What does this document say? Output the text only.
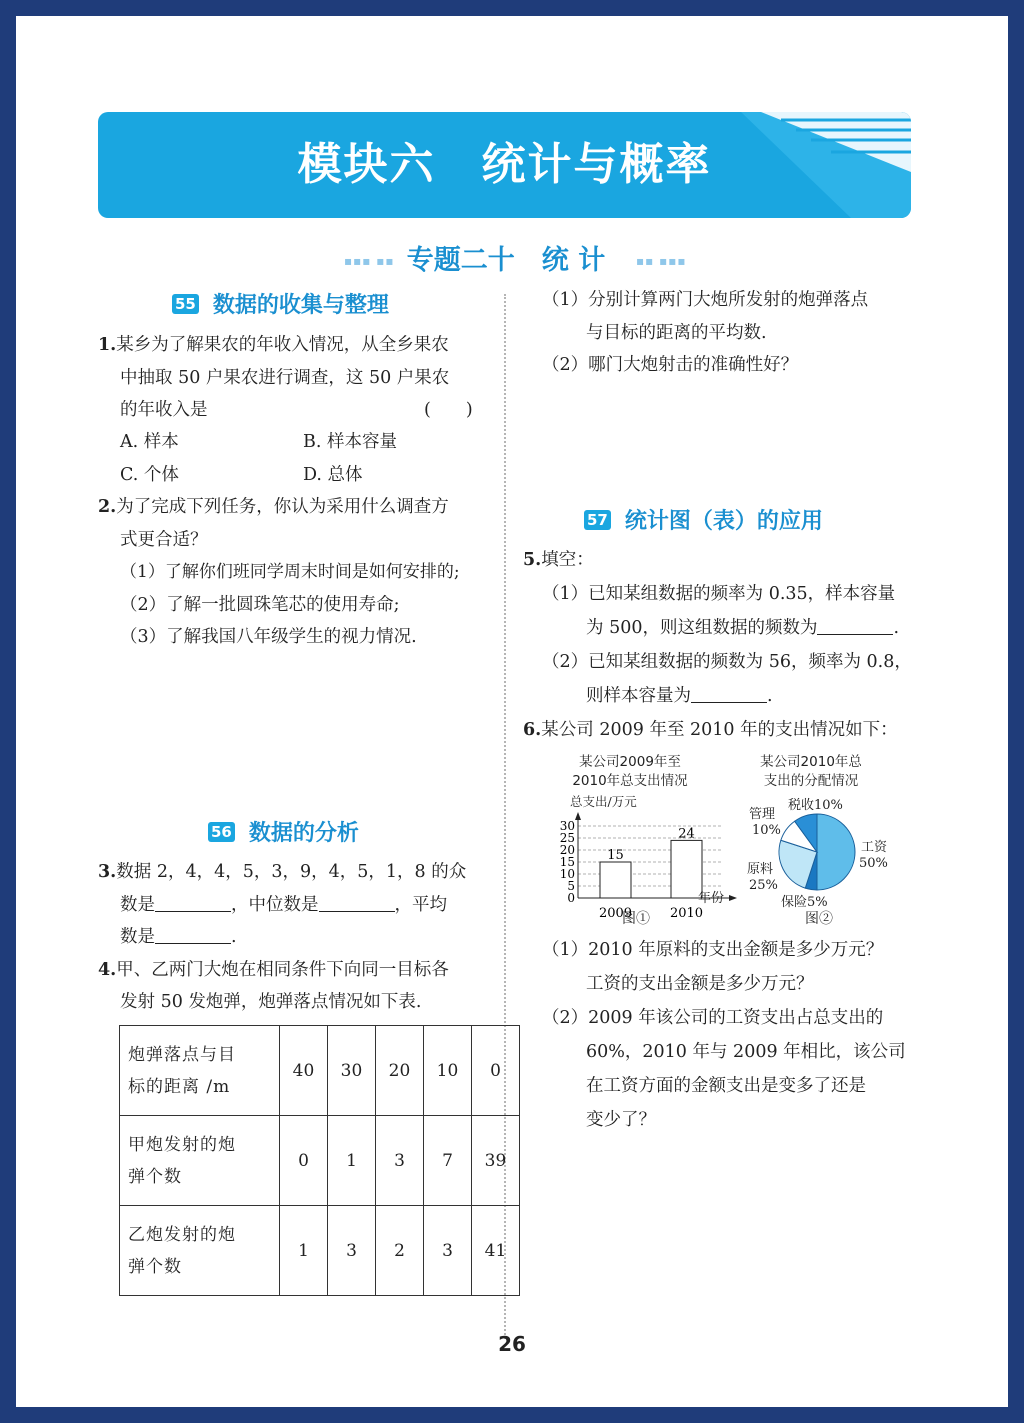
模块六　统计与概率
▪▪▪ ▪▪ 专题二十　统 计	▪▪ ▪▪▪
55 数据的收集与整理
1.某乡为了解果农的年收入情况，从全乡果农
中抽取 50 户果农进行调查，这 50 户果农
的年收入是	(　　)
A. 样本	B. 样本容量
C. 个体	D. 总体
2.为了完成下列任务，你认为采用什么调查方
式更合适？
（1）了解你们班同学周末时间是如何安排的;
（2）了解一批圆珠笔芯的使用寿命;
（3）了解我国八年级学生的视力情况.
56 数据的分析
3.数据 2，4，4，5，3，9，4，5，1，8 的众
数是	，中位数是	，平均
数是	.
4.甲、乙两门大炮在相同条件下向同一目标各
发射 50 发炮弹，炮弹落点情况如下表.
炮弹落点与目
标的距离 /m	40	30	20	10	0
甲炮发射的炮
弹个数	0	1	3	7	39
乙炮发射的炮
弹个数	1	3	2	3	41
（1）分别计算两门大炮所发射的炮弹落点
与目标的距离的平均数.
（2）哪门大炮射击的准确性好？
57 统计图（表）的应用
5.填空：
（1）已知某组数据的频率为 0.35，样本容量
为 500，则这组数据的频数为	.
（2）已知某组数据的频数为 56，频率为 0.8，
则样本容量为	.
6.某公司 2009 年至 2010 年的支出情况如下：
某公司2009年至
2010年总支出情况
总支出/万元
0
5
10
15
20
25
30
15
2009
24
2010
年份
图①
某公司2010年总
支出的分配情况
管理
10%
税收10%
工资
50%
原料
25%
保险5%
图②
（1）2010 年原料的支出金额是多少万元？
工资的支出金额是多少万元？
（2）2009 年该公司的工资支出占总支出的
60%，2010 年与 2009 年相比，该公司
在工资方面的金额支出是变多了还是
变少了？
26
